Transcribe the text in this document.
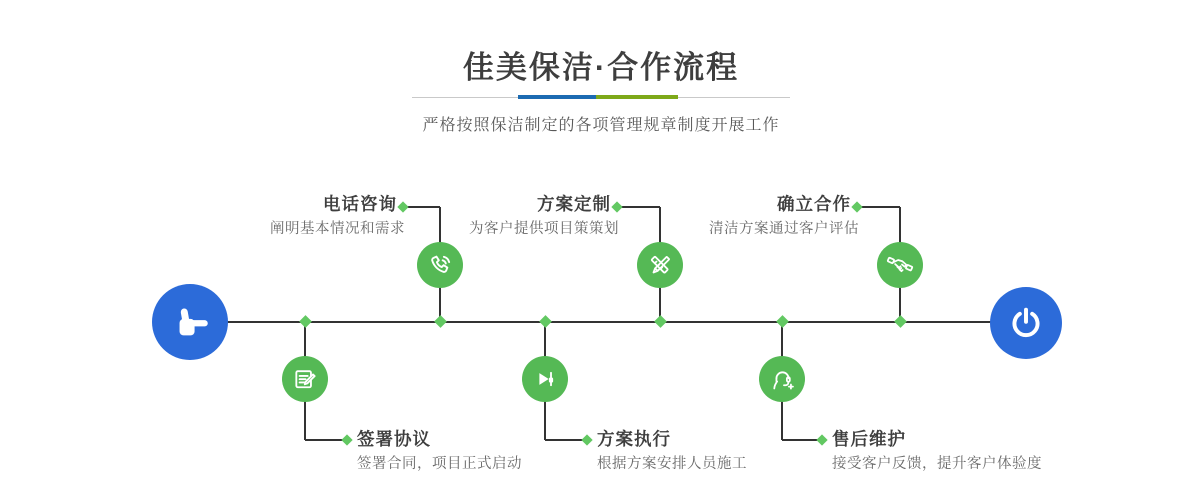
佳美保洁·合作流程
严格按照保洁制定的各项管理规章制度开展工作
电话咨询
阐明基本情况和需求
签署协议
签署合同，项目正式启动
方案定制
为客户提供项目策策划
方案执行
根据方案安排人员施工
确立合作
清洁方案通过客户评估
售后维护
接受客户反馈，提升客户体验度
